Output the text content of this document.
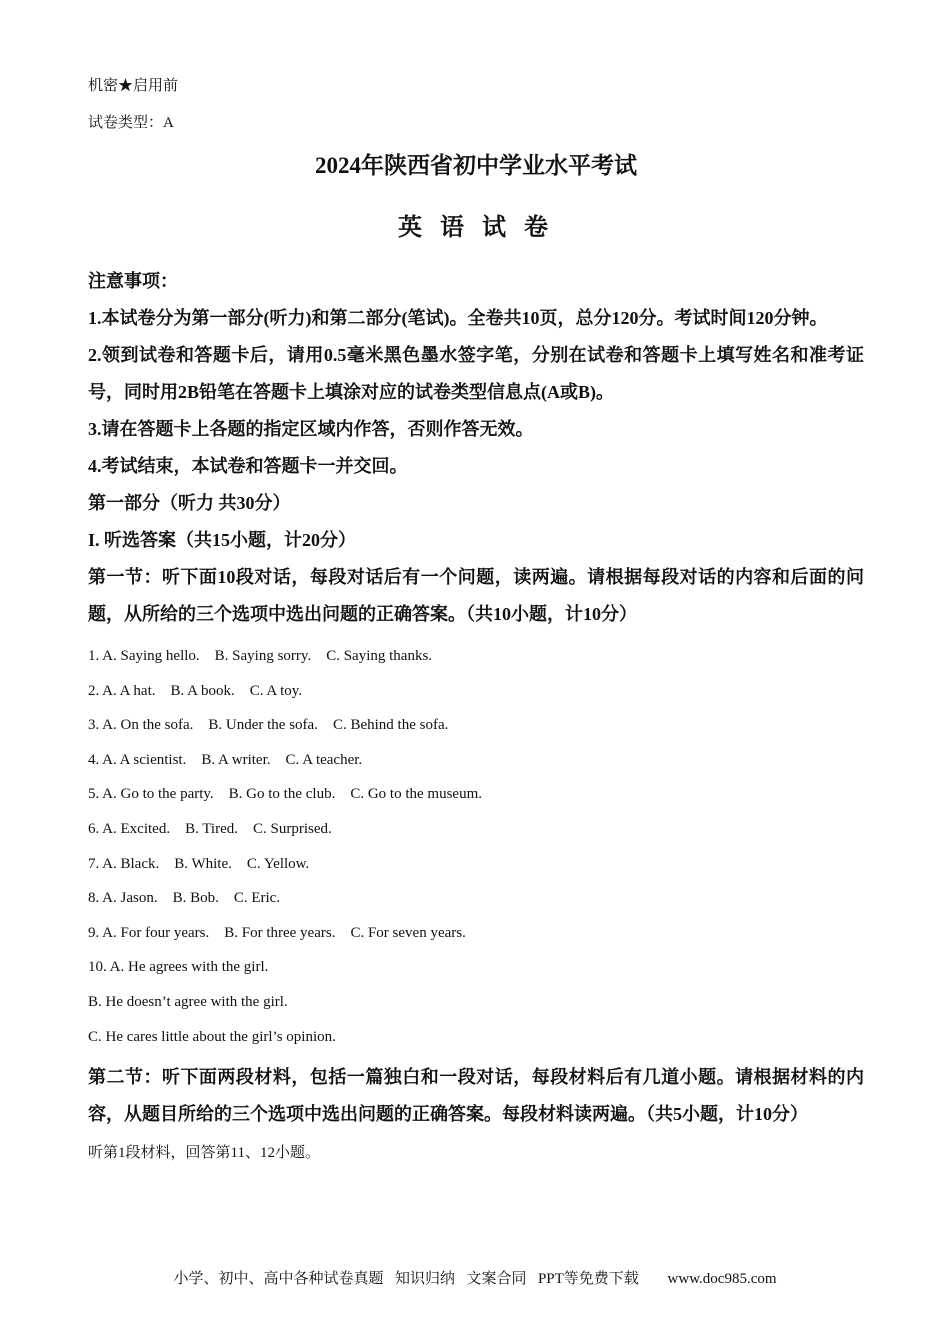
机密★启用前

试卷类型：A

2024年陕西省初中学业水平考试

英 语 试 卷

注意事项：

1.本试卷分为第一部分(听力)和第二部分(笔试)。全卷共10页，总分120分。考试时间120分钟。

2.领到试卷和答题卡后，请用0.5毫米黑色墨水签字笔，分别在试卷和答题卡上填写姓名和准考证号，同时用2B铅笔在答题卡上填涂对应的试卷类型信息点(A或B)。

3.请在答题卡上各题的指定区域内作答，否则作答无效。

4.考试结束，本试卷和答题卡一并交回。

第一部分（听力 共30分）

I. 听选答案（共15小题，计20分）

第一节：听下面10段对话，每段对话后有一个问题，读两遍。请根据每段对话的内容和后面的问题，从所给的三个选项中选出问题的正确答案。（共10小题，计10分）

1. A. Saying hello.    B. Saying sorry.    C. Saying thanks.

2. A. A hat.    B. A book.    C. A toy.

3. A. On the sofa.    B. Under the sofa.    C. Behind the sofa.

4. A. A scientist.    B. A writer.    C. A teacher.

5. A. Go to the party.    B. Go to the club.    C. Go to the museum.

6. A. Excited.    B. Tired.    C. Surprised.

7. A. Black.    B. White.    C. Yellow.

8. A. Jason.    B. Bob.    C. Eric.

9. A. For four years.    B. For three years.    C. For seven years.

10. A. He agrees with the girl.

B. He doesn’t agree with the girl.

C. He cares little about the girl’s opinion.

第二节：听下面两段材料，包括一篇独白和一段对话，每段材料后有几道小题。请根据材料的内容，从题目所给的三个选项中选出问题的正确答案。每段材料读两遍。（共5小题，计10分）

听第1段材料，回答第11、12小题。

小学、初中、高中各种试卷真题  知识归纳  文案合同  PPT等免费下载     www.doc985.com
